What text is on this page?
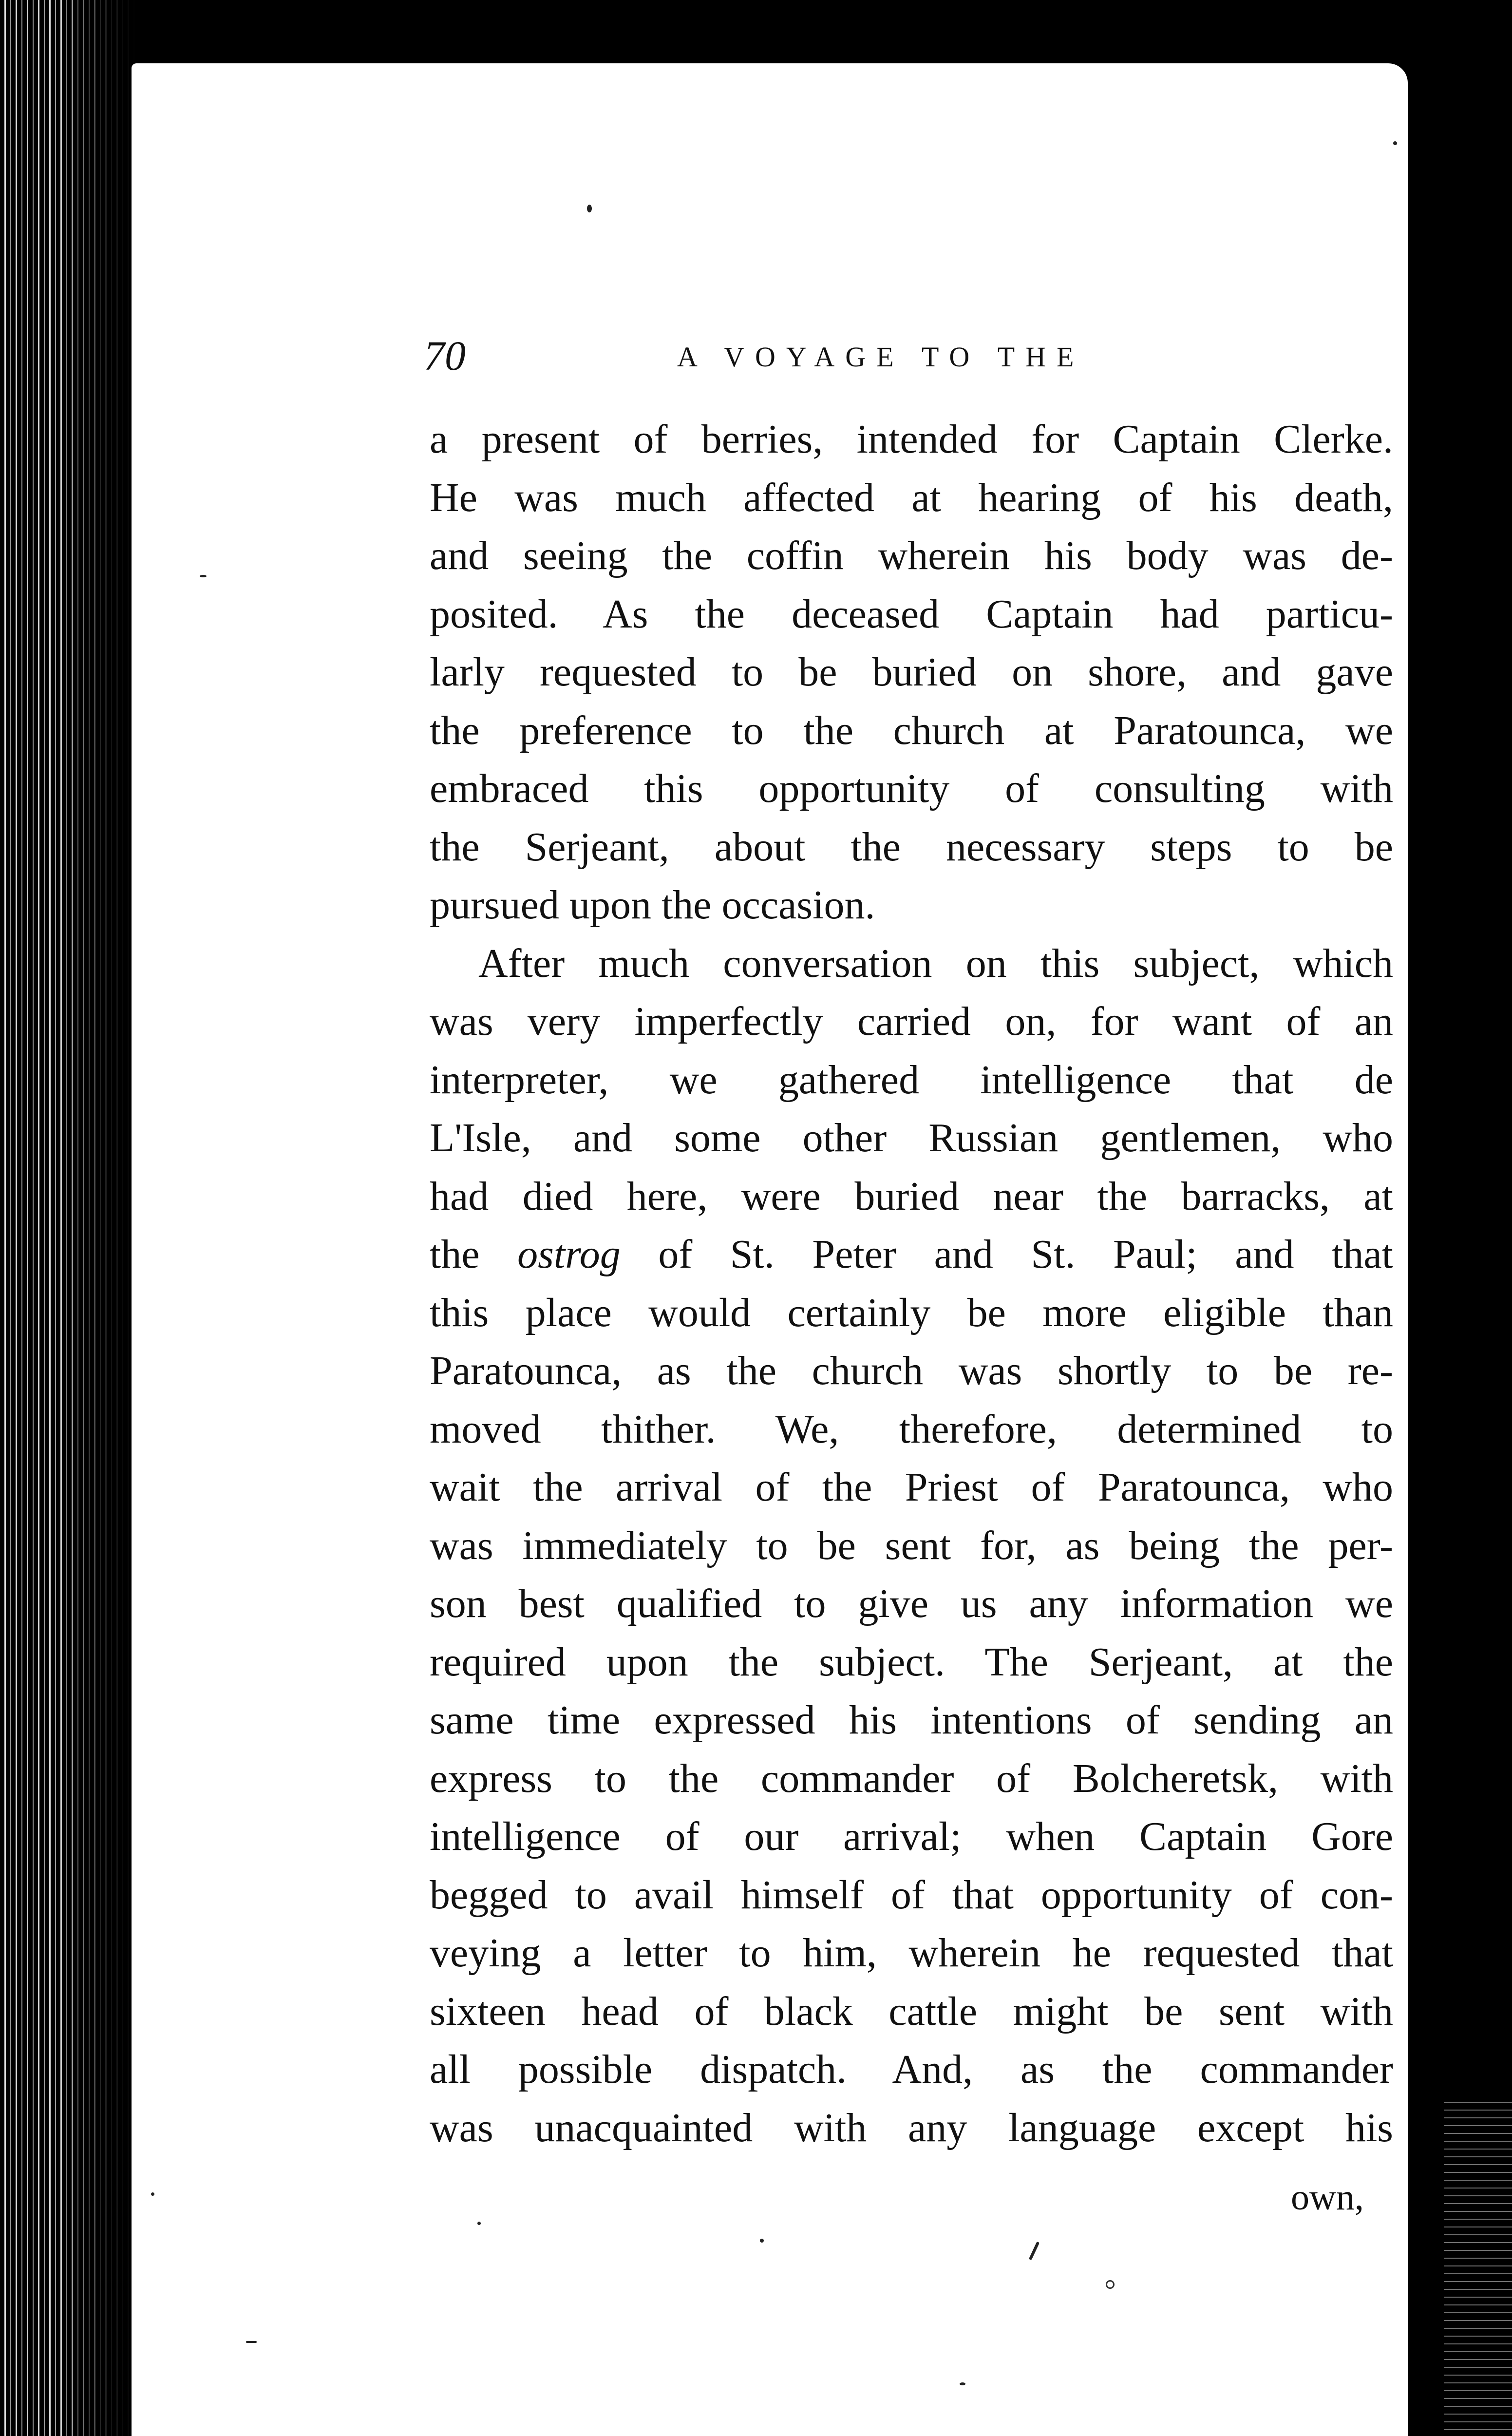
70	A VOYAGE TO THE
a present of berries, intended for Captain Clerke.
He was much affected at hearing of his death,
and seeing the coffin wherein his body was de-
posited. As the deceased Captain had particu-
larly requested to be buried on shore, and gave
the preference to the church at Paratounca, we
embraced this opportunity of consulting with
the Serjeant, about the necessary steps to be
pursued upon the occasion.
After much conversation on this subject, which
was very imperfectly carried on, for want of an
interpreter, we gathered intelligence that de
L'Isle, and some other Russian gentlemen, who
had died here, were buried near the barracks, at
the ostrog of St. Peter and St. Paul; and that
this place would certainly be more eligible than
Paratounca, as the church was shortly to be re-
moved thither. We, therefore, determined to
wait the arrival of the Priest of Paratounca, who
was immediately to be sent for, as being the per-
son best qualified to give us any information we
required upon the subject. The Serjeant, at the
same time expressed his intentions of sending an
express to the commander of Bolcheretsk, with
intelligence of our arrival; when Captain Gore
begged to avail himself of that opportunity of con-
veying a letter to him, wherein he requested that
sixteen head of black cattle might be sent with
all possible dispatch. And, as the commander
was unacquainted with any language except his
own,
